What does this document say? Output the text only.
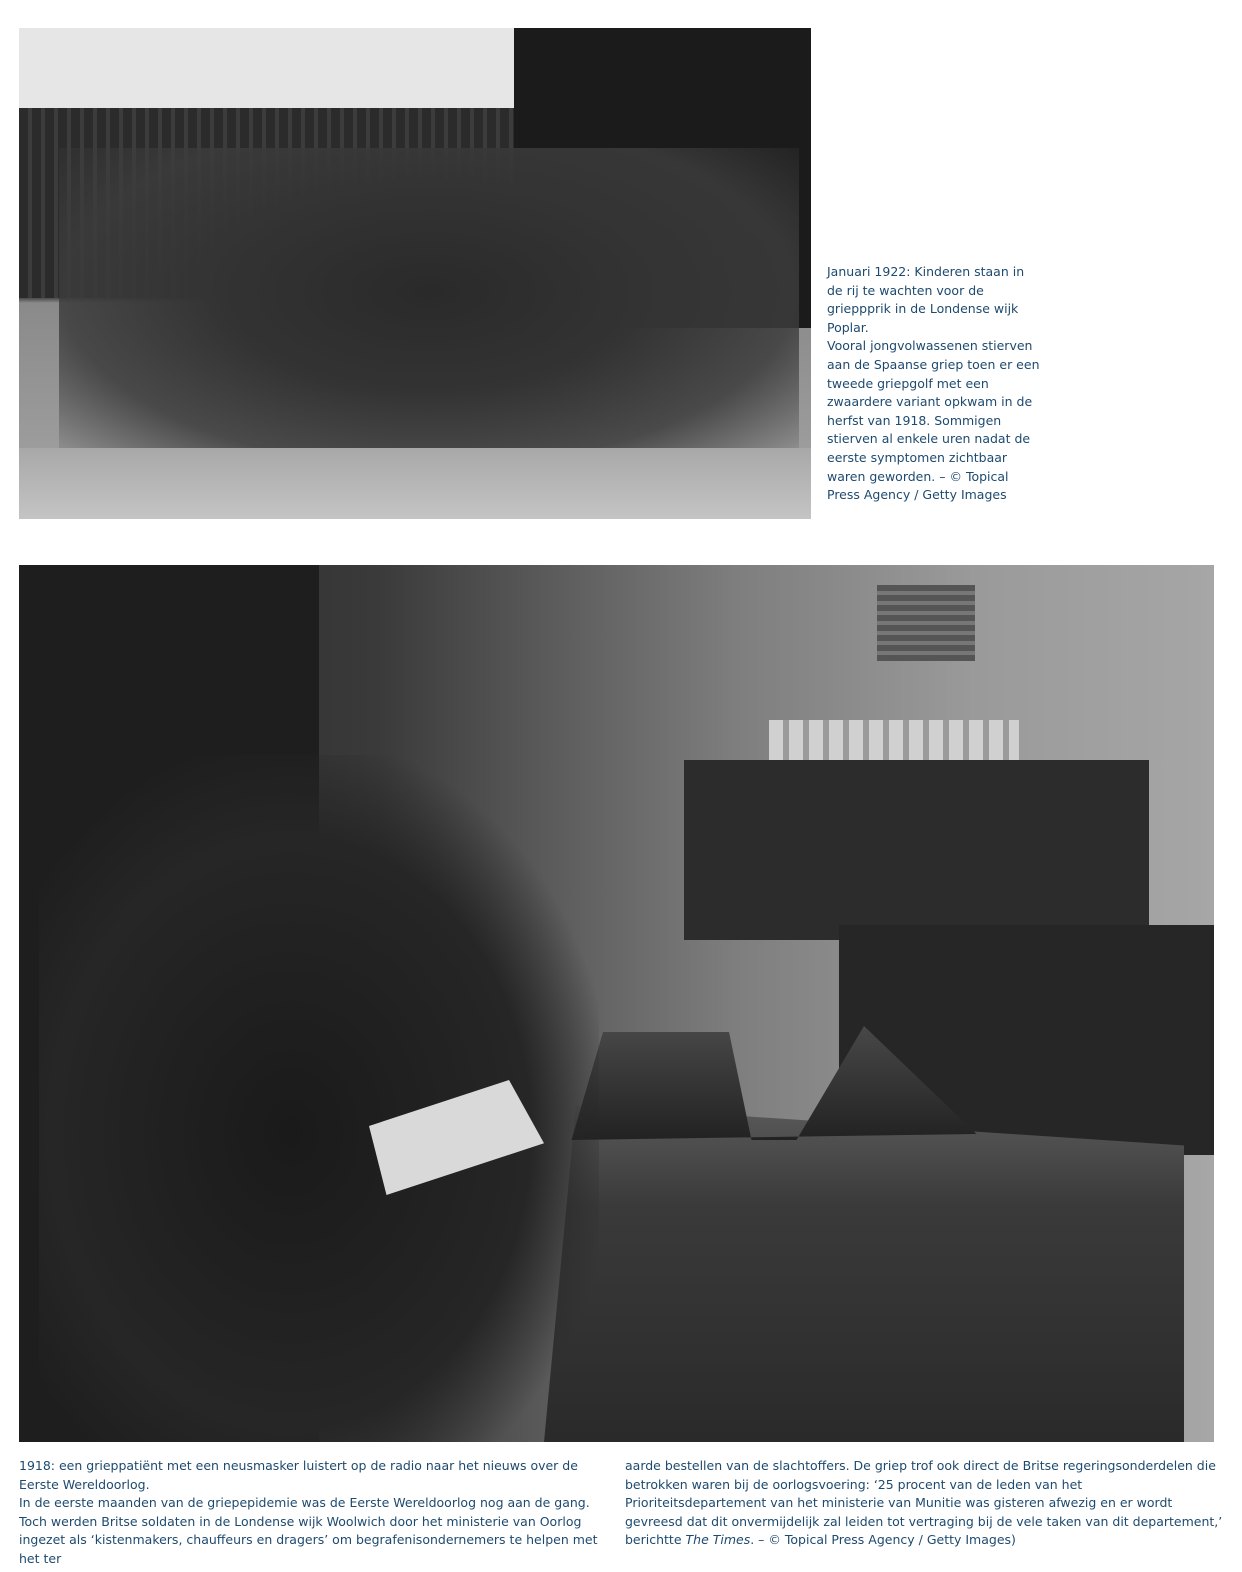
Januari 1922: Kinderen staan in de rij te wachten voor de grieppprik in de Londense wijk Poplar.

Vooral jongvolwassenen stierven aan de Spaanse griep toen er een tweede griepgolf met een zwaardere variant opkwam in de herfst van 1918. Sommigen stierven al enkele uren nadat de eerste symptomen zichtbaar waren geworden. – © Topical Press Agency / Getty Images

1918: een grieppatiënt met een neusmasker luistert op de radio naar het nieuws over de Eerste Wereldoorlog.

In de eerste maanden van de griepepidemie was de Eerste Wereldoorlog nog aan de gang. Toch werden Britse soldaten in de Londense wijk Woolwich door het ministerie van Oorlog ingezet als ‘kistenmakers, chauffeurs en dragers’ om begrafenisondernemers te helpen met het ter

aarde bestellen van de slachtoffers. De griep trof ook direct de Britse regeringsonderdelen die betrokken waren bij de oorlogsvoering: ‘25 procent van de leden van het Prioriteitsdepartement van het ministerie van Munitie was gisteren afwezig en er wordt gevreesd dat dit onvermijdelijk zal leiden tot vertraging bij de vele taken van dit departement,’ berichtte The Times. – © Topical Press Agency / Getty Images)
